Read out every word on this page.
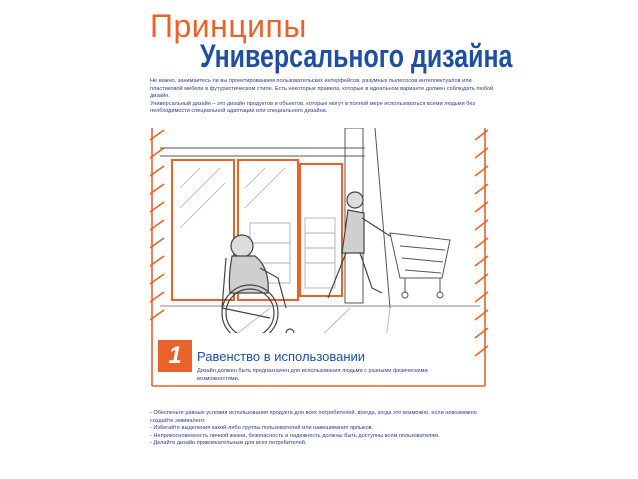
Принципы
Универсального дизайна

Не важно, занимаетесь ли вы проектированием пользовательских интерфейсов, разумных пылесосов интеллектуалов или пластиковой мебели в футуристическом стиле. Есть некоторые правила, которые в идеальном варианте должен соблюдать любой дизайн.

Универсальный дизайн – это дизайн продуктов и объектов, которые могут в полной мере использоваться всеми людьми без необходимости специальной адаптации или специального дизайна.

1	Равенство в использовании
Дизайн должен быть предназначен для использования людьми с разными физическими возможностями.
- Обеспечьте равные условия использования продукта для всех потребителей, всегда, когда это возможно, если невозможно создайте эквивалент.
- Избегайте выделения какой-либо группы пользователей или навешивания ярлыков.
- Неприкосновенность личной жизни, безопасность и надежность должны быть доступны всем пользователям.
- Делайте дизайн привлекательным для всех потребителей.
